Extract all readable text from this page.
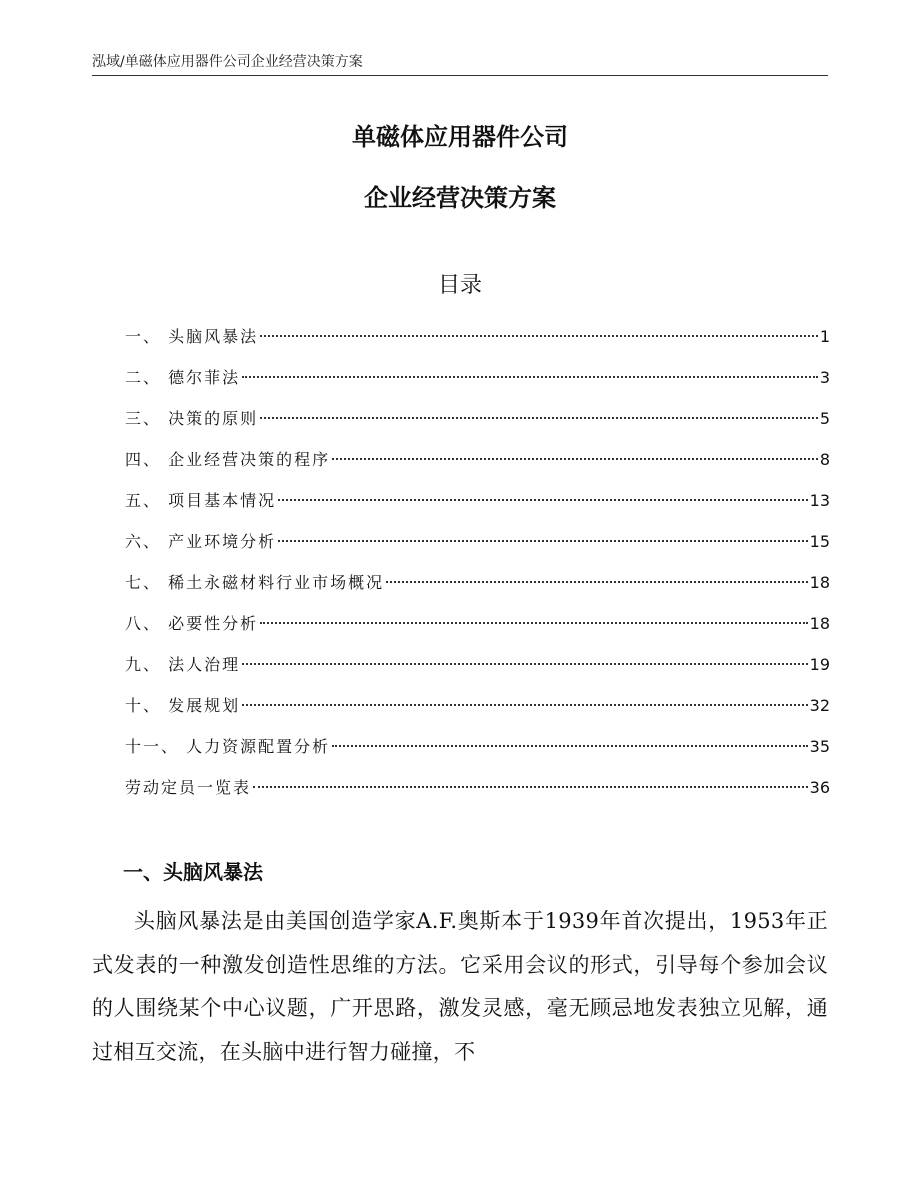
泓域/单磁体应用器件公司企业经营决策方案
单磁体应用器件公司
企业经营决策方案
目录
一、 头脑风暴法	1
二、 德尔菲法	3
三、 决策的原则	5
四、 企业经营决策的程序	8
五、 项目基本情况	13
六、 产业环境分析	15
七、 稀土永磁材料行业市场概况	18
八、 必要性分析	18
九、 法人治理	19
十、 发展规划	32
十一、 人力资源配置分析	35
劳动定员一览表	36
一、头脑风暴法

头脑风暴法是由美国创造学家A.F.奥斯本于1939年首次提出，1953年正式发表的一种激发创造性思维的方法。它采用会议的形式，引导每个参加会议的人围绕某个中心议题，广开思路，激发灵感，毫无顾忌地发表独立见解，通过相互交流，在头脑中进行智力碰撞，不
